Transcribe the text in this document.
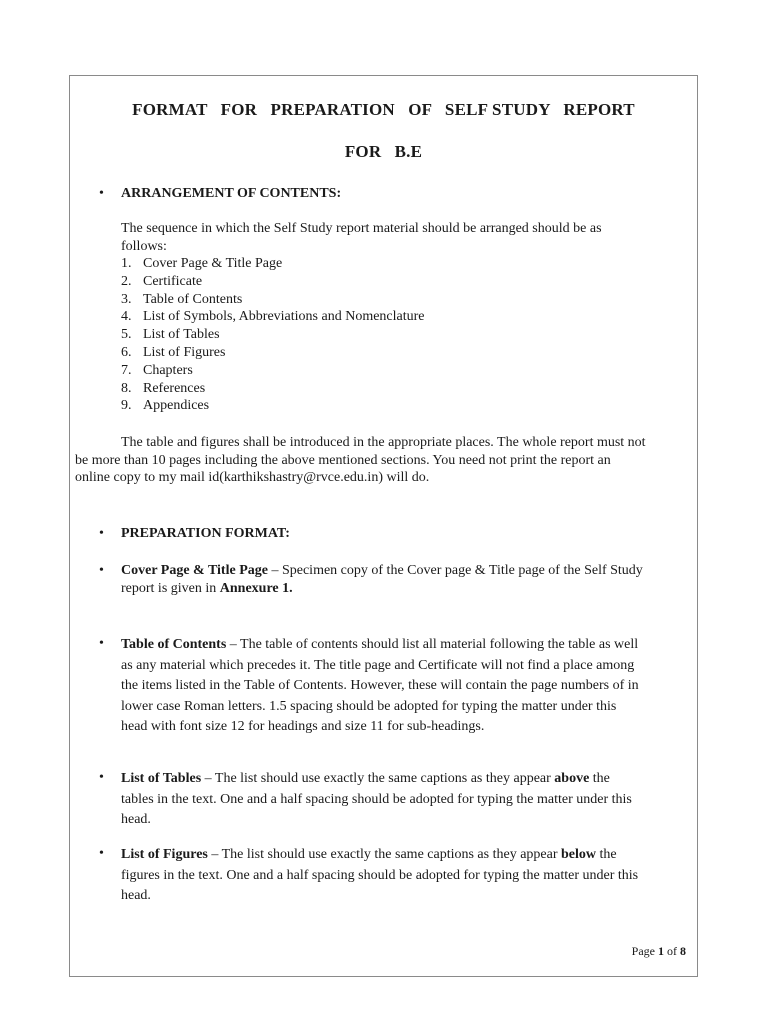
FORMAT   FOR   PREPARATION   OF   SELF STUDY   REPORT
FOR   B.E
• ARRANGEMENT OF CONTENTS:
The sequence in which the Self Study report material should be arranged should be as
follows:
1. Cover Page & Title Page
2. Certificate
3. Table of Contents
4. List of Symbols, Abbreviations and Nomenclature
5. List of Tables
6. List of Figures
7. Chapters
8. References
9. Appendices
The table and figures shall be introduced in the appropriate places. The whole report must not
be more than 10 pages including the above mentioned sections. You need not print the report an
online copy to my mail id(karthikshastry@rvce.edu.in) will do.
• PREPARATION FORMAT:
• Cover Page & Title Page – Specimen copy of the Cover page & Title page of the Self Study
report is given in Annexure 1.
• Table of Contents – The table of contents should list all material following the table as well
as any material which precedes it. The title page and Certificate will not find a place among
the items listed in the Table of Contents. However, these will contain the page numbers of in
lower case Roman letters. 1.5 spacing should be adopted for typing the matter under this
head with font size 12 for headings and size 11 for sub-headings.
• List of Tables – The list should use exactly the same captions as they appear above the
tables in the text. One and a half spacing should be adopted for typing the matter under this
head.
• List of Figures – The list should use exactly the same captions as they appear below the
figures in the text. One and a half spacing should be adopted for typing the matter under this
head.
Page 1 of 8
